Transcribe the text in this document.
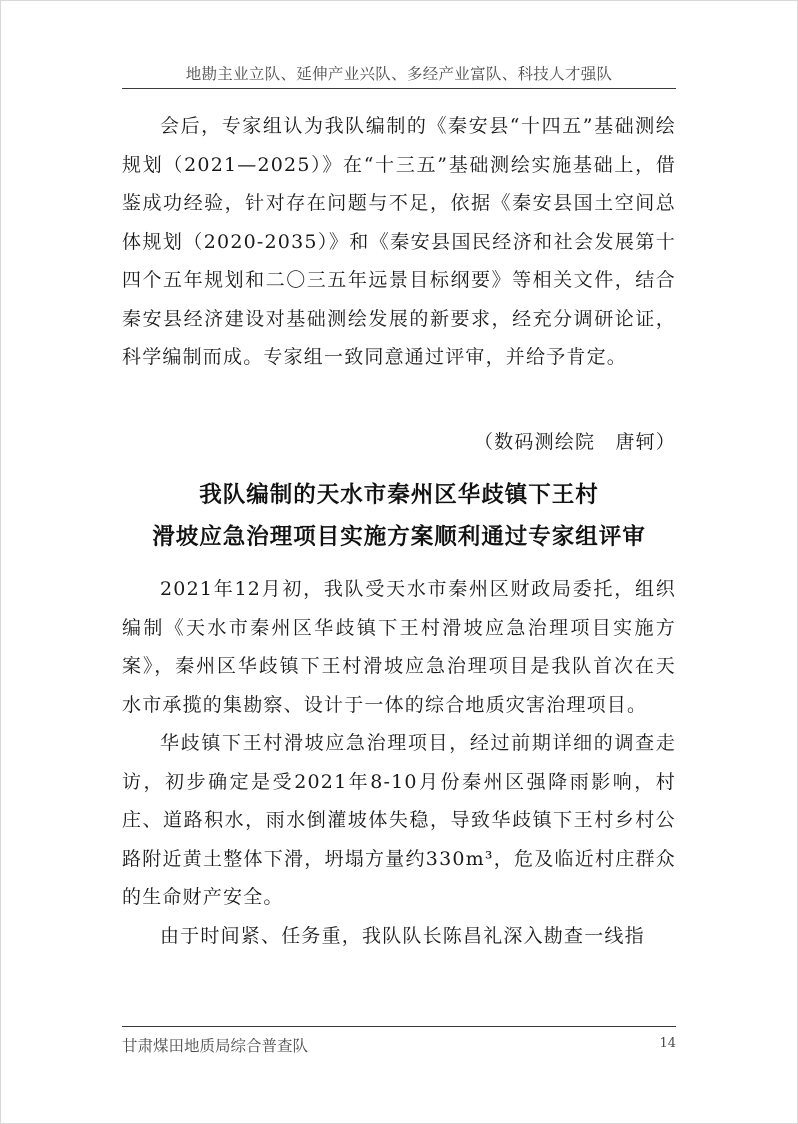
地勘主业立队、延伸产业兴队、多经产业富队、科技人才强队

会后，专家组认为我队编制的《秦安县“十四五”基础测绘规划（2021—2025）》在“十三五”基础测绘实施基础上，借鉴成功经验，针对存在问题与不足，依据《秦安县国土空间总体规划（2020-2035）》和《秦安县国民经济和社会发展第十四个五年规划和二〇三五年远景目标纲要》等相关文件，结合秦安县经济建设对基础测绘发展的新要求，经充分调研论证，科学编制而成。专家组一致同意通过评审，并给予肯定。

（数码测绘院　唐轲）
我队编制的天水市秦州区华歧镇下王村
滑坡应急治理项目实施方案顺利通过专家组评审

2021年12月初，我队受天水市秦州区财政局委托，组织编制《天水市秦州区华歧镇下王村滑坡应急治理项目实施方案》，秦州区华歧镇下王村滑坡应急治理项目是我队首次在天水市承揽的集勘察、设计于一体的综合地质灾害治理项目。

华歧镇下王村滑坡应急治理项目，经过前期详细的调查走访，初步确定是受2021年8-10月份秦州区强降雨影响，村庄、道路积水，雨水倒灌坡体失稳，导致华歧镇下王村乡村公路附近黄土整体下滑，坍塌方量约330m³，危及临近村庄群众的生命财产安全。

由于时间紧、任务重，我队队长陈昌礼深入勘查一线指

甘肃煤田地质局综合普查队	14
